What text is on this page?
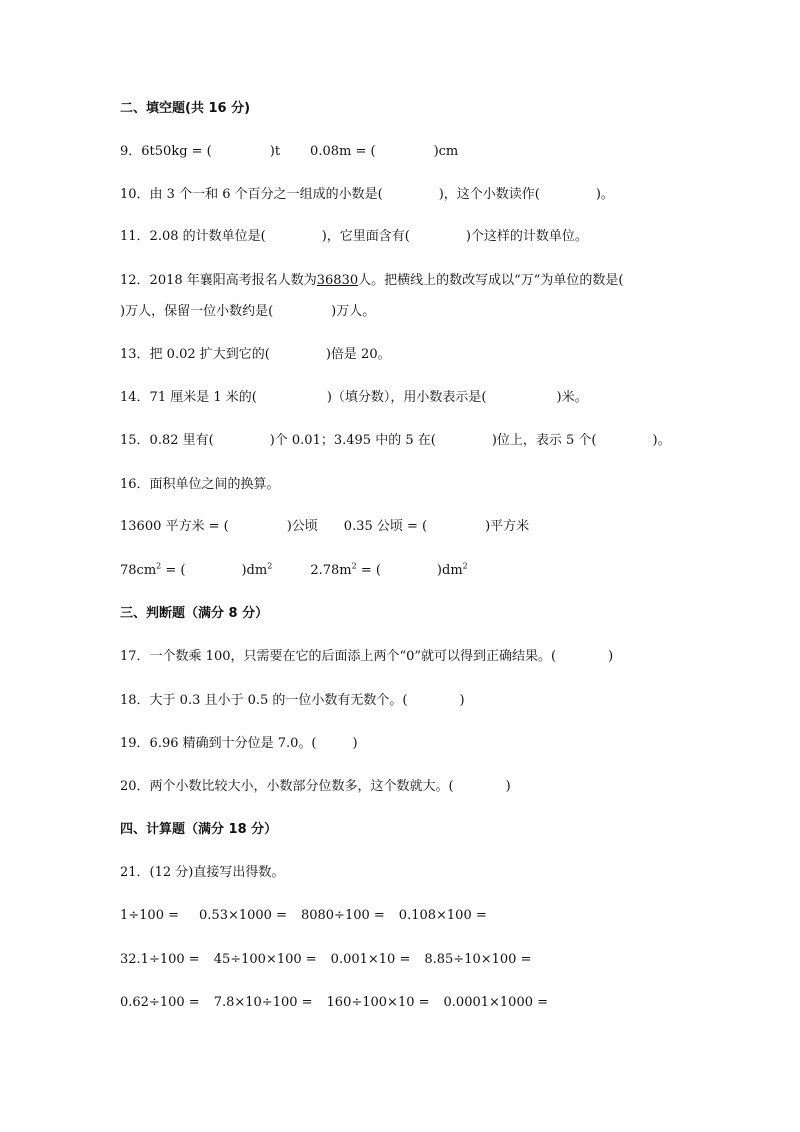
二、填空题(共 16 分)
9．6t50kg = (	)t 0.08m = (	)cm
10．由 3 个一和 6 个百分之一组成的小数是(	)，这个小数读作(	)。
11．2.08 的计数单位是(	)，它里面含有(	)个这样的计数单位。
12．2018 年襄阳高考报名人数为36830人。把横线上的数改写成以“万”为单位的数是(
)万人，保留一位小数约是(	)万人。
13．把 0.02 扩大到它的(	)倍是 20。
14．71 厘米是 1 米的(	)（填分数），用小数表示是(	)米。
15．0.82 里有(	)个 0.01；3.495 中的 5 在(	)位上，表示 5 个(	)。
16．面积单位之间的换算。
13600 平方米 = (	)公顷 0.35 公顷 = (	)平方米
$78cm^2$ = (	)$dm^2$	$2.78m^2$ = (	)$dm^2$
三、判断题（满分 8 分）
17．一个数乘 100，只需要在它的后面添上两个“0”就可以得到正确结果。(	)
18．大于 0.3 且小于 0.5 的一位小数有无数个。(	)
19．6.96 精确到十分位是 7.0。(	)
20．两个小数比较大小，小数部分位数多，这个数就大。(	)
四、计算题（满分 18 分）
21．(12 分)直接写出得数。
1÷100 = 0.53×1000 = 8080÷100 = 0.108×100 =
32.1÷100 = 45÷100×100 = 0.001×10 = 8.85÷10×100 =
0.62÷100 = 7.8×10÷100 = 160÷100×10 = 0.0001×1000 =
